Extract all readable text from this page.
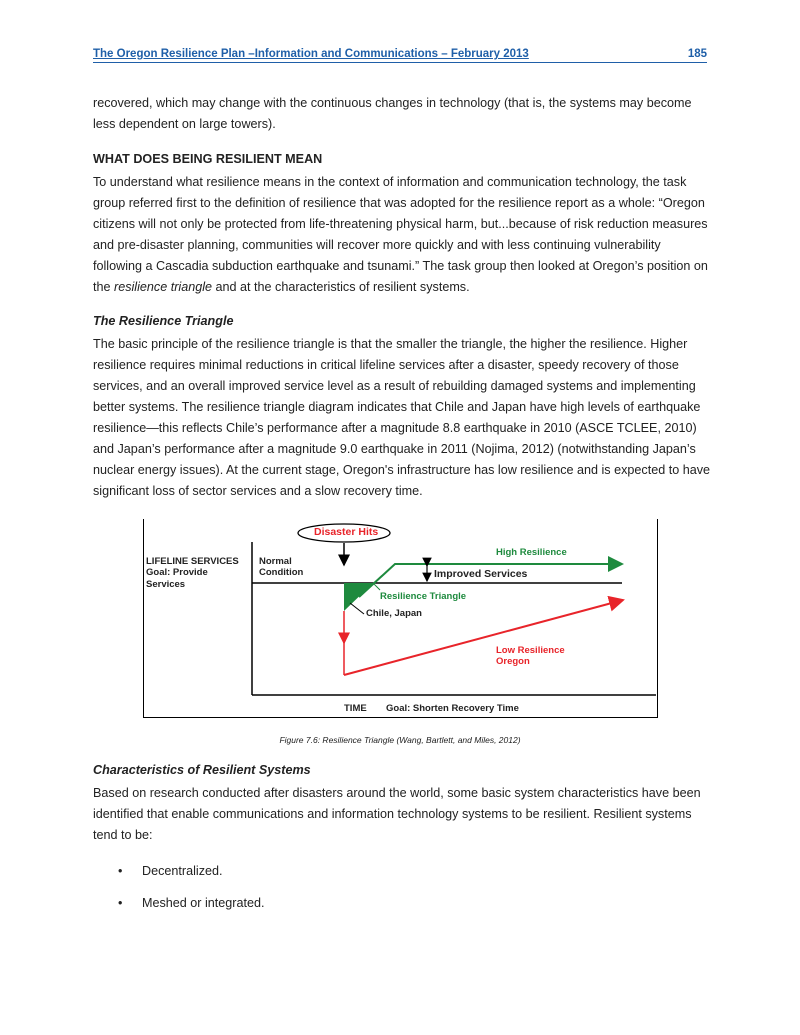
The Oregon Resilience Plan –Information and Communications – February 2013	185
recovered, which may change with the continuous changes in technology (that is, the systems may become less dependent on large towers).
WHAT DOES BEING RESILIENT MEAN
To understand what resilience means in the context of information and communication technology, the task group referred first to the definition of resilience that was adopted for the resilience report as a whole: “Oregon citizens will not only be protected from life-threatening physical harm, but...because of risk reduction measures and pre-disaster planning, communities will recover more quickly and with less continuing vulnerability following a Cascadia subduction earthquake and tsunami.” The task group then looked at Oregon’s position on the resilience triangle and at the characteristics of resilient systems.
The Resilience Triangle
The basic principle of the resilience triangle is that the smaller the triangle, the higher the resilience. Higher resilience requires minimal reductions in critical lifeline services after a disaster, speedy recovery of those services, and an overall improved service level as a result of rebuilding damaged systems and implementing better systems. The resilience triangle diagram indicates that Chile and Japan have high levels of earthquake resilience—this reflects Chile’s performance after a magnitude 8.8 earthquake in 2010 (ASCE TCLEE, 2010) and Japan’s performance after a magnitude 9.0 earthquake in 2011 (Nojima, 2012) (notwithstanding Japan’s nuclear energy issues). At the current stage, Oregon's infrastructure has low resilience and is expected to have significant loss of sector services and a slow recovery time.
Disaster Hits
LIFELINE SERVICES
Goal: Provide
Services
Normal
Condition
High Resilience
Improved Services
Resilience Triangle
Chile, Japan
Low Resilience
Oregon
TIME Goal: Shorten Recovery Time
Figure 7.6: Resilience Triangle (Wang, Bartlett, and Miles, 2012)
Characteristics of Resilient Systems
Based on research conducted after disasters around the world, some basic system characteristics have been identified that enable communications and information technology systems to be resilient. Resilient systems tend to be:
• Decentralized.
• Meshed or integrated.
